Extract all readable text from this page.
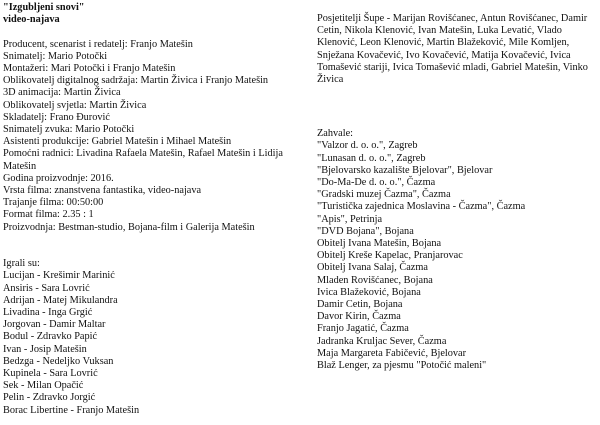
"Izgubljeni snovi"
video-najava
Producent, scenarist i redatelj: Franjo Matešin
Snimatelj: Mario Potočki
Montažeri: Mari Potočki i Franjo Matešin
Oblikovatelj digitalnog sadržaja: Martin Živica i Franjo Matešin
3D animacija: Martin Živica
Oblikovatelj svjetla: Martin Živica
Skladatelj: Frano Đurović
Snimatelj zvuka: Mario Potočki
Asistenti produkcije: Gabriel Matešin i Mihael Matešin
Pomoćni radnici: Livadina Rafaela Matešin, Rafael Matešin i Lidija Matešin
Godina proizvodnje: 2016.
Vrsta filma: znanstvena fantastika, video-najava
Trajanje filma: 00:50:00
Format filma: 2.35 : 1
Proizvodnja: Bestman-studio, Bojana-film i Galerija Matešin
Igrali su:
Lucijan - Krešimir Marinić
Ansiris - Sara Lovrić
Adrijan - Matej Mikulandra
Livadina - Inga Grgić
Jorgovan - Damir Maltar
Bodul - Zdravko Papić
Ivan - Josip Matešin
Bedzga - Nedeljko Vuksan
Kupinela - Sara Lovrić
Sek - Milan Opačić
Pelin - Zdravko Jorgić
Borac Libertine - Franjo Matešin
Posjetitelji Šupe - Marijan Rovišćanec, Antun Rovišćanec, Damir Cetin, Nikola Klenović, Ivan Matešin, Luka Levatić, Vlado Klenović, Leon Klenović, Martin Blažeković, Mile Komljen, Snježana Kovačević, Ivo Kovačević, Matija Kovačević, Ivica Tomašević stariji, Ivica Tomašević mladi, Gabriel Matešin, Vinko Živica
Zahvale:
"Valzor d. o. o.", Zagreb
"Lunasan d. o. o.", Zagreb
"Bjelovarsko kazalište Bjelovar", Bjelovar
"Do-Ma-De d. o. o.", Čazma
"Gradski muzej Čazma", Čazma
"Turistička zajednica Moslavina - Čazma", Čazma
"Apis", Petrinja
"DVD Bojana", Bojana
Obitelj Ivana Matešin, Bojana
Obitelj Kreše Kapelac, Pranjarovac
Obitelj Ivana Salaj, Čazma
Mladen Rovišćanec, Bojana
Ivica Blažeković, Bojana
Damir Cetin, Bojana
Davor Kirin, Čazma
Franjo Jagatić, Čazma
Jadranka Kruljac Sever, Čazma
Maja Margareta Fabičević, Bjelovar
Blaž Lenger, za pjesmu "Potočić maleni"
